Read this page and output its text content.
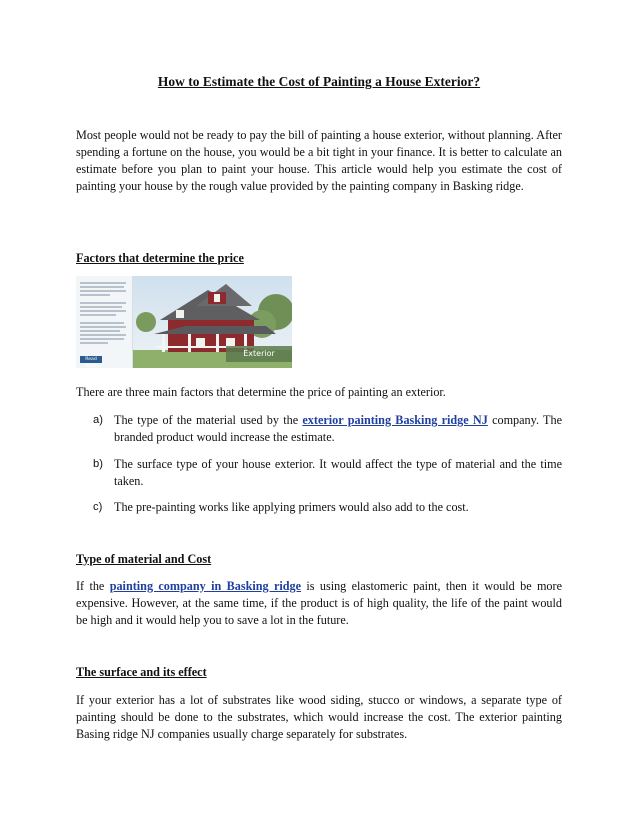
How to Estimate the Cost of Painting a House Exterior?

Most people would not be ready to pay the bill of painting a house exterior, without planning. After spending a fortune on the house, you would be a bit tight in your finance. It is better to calculate an estimate before you plan to paint your house. This article would help you estimate the cost of painting your house by the rough value provided by the painting company in Basking ridge.

Factors that determine the price
Read More
Exterior

There are three main factors that determine the price of painting an exterior.

a) The type of the material used by the exterior painting Basking ridge NJ company. The branded product would increase the estimate.
b) The surface type of your house exterior. It would affect the type of material and the time taken.
c) The pre-painting works like applying primers would also add to the cost.
Type of material and Cost

If the painting company in Basking ridge is using elastomeric paint, then it would be more expensive. However, at the same time, if the product is of high quality, the life of the paint would be high and it would help you to save a lot in the future.

The surface and its effect

If your exterior has a lot of substrates like wood siding, stucco or windows, a separate type of painting should be done to the substrates, which would increase the cost. The exterior painting Basing ridge NJ companies usually charge separately for substrates.
